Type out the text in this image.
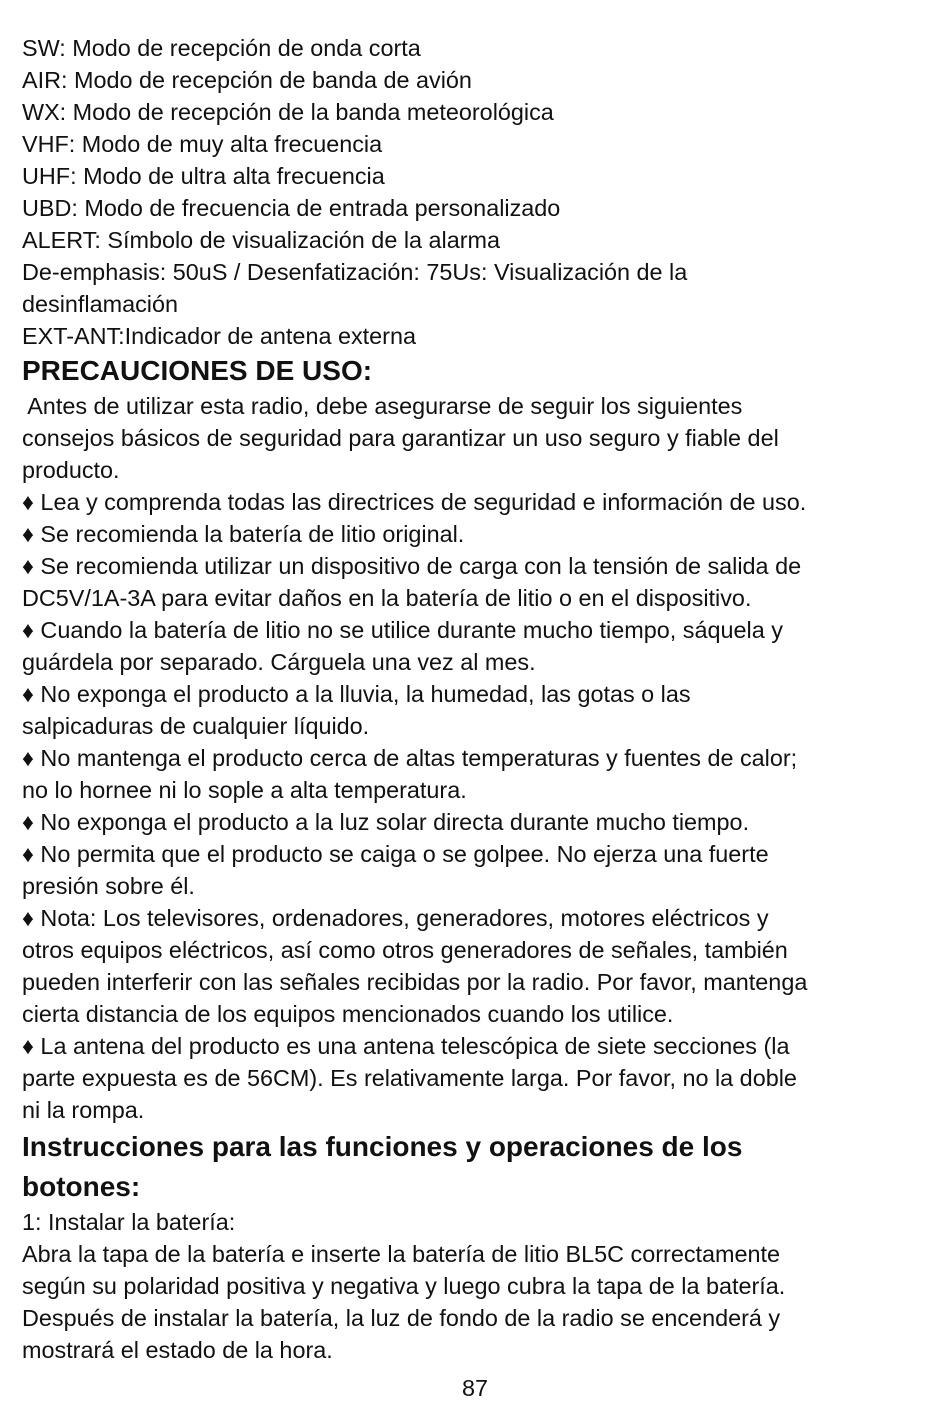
SW: Modo de recepción de onda corta
AIR: Modo de recepción de banda de avión
WX: Modo de recepción de la banda meteorológica
VHF: Modo de muy alta frecuencia
UHF: Modo de ultra alta frecuencia
UBD: Modo de frecuencia de entrada personalizado
ALERT: Símbolo de visualización de la alarma
De-emphasis: 50uS / Desenfatización: 75Us: Visualización de la
desinflamación
EXT-ANT:Indicador de antena externa
PRECAUCIONES DE USO:
Antes de utilizar esta radio, debe asegurarse de seguir los siguientes
consejos básicos de seguridad para garantizar un uso seguro y fiable del
producto.
♦ Lea y comprenda todas las directrices de seguridad e información de uso.
♦ Se recomienda la batería de litio original.
♦ Se recomienda utilizar un dispositivo de carga con la tensión de salida de
DC5V/1A-3A para evitar daños en la batería de litio o en el dispositivo.
♦ Cuando la batería de litio no se utilice durante mucho tiempo, sáquela y
guárdela por separado. Cárguela una vez al mes.
♦ No exponga el producto a la lluvia, la humedad, las gotas o las
salpicaduras de cualquier líquido.
♦ No mantenga el producto cerca de altas temperaturas y fuentes de calor;
no lo hornee ni lo sople a alta temperatura.
♦ No exponga el producto a la luz solar directa durante mucho tiempo.
♦ No permita que el producto se caiga o se golpee. No ejerza una fuerte
presión sobre él.
♦ Nota: Los televisores, ordenadores, generadores, motores eléctricos y
otros equipos eléctricos, así como otros generadores de señales, también
pueden interferir con las señales recibidas por la radio. Por favor, mantenga
cierta distancia de los equipos mencionados cuando los utilice.
♦ La antena del producto es una antena telescópica de siete secciones (la
parte expuesta es de 56CM). Es relativamente larga. Por favor, no la doble
ni la rompa.
Instrucciones para las funciones y operaciones de los
botones:
1: Instalar la batería:
Abra la tapa de la batería e inserte la batería de litio BL5C correctamente
según su polaridad positiva y negativa y luego cubra la tapa de la batería.
Después de instalar la batería, la luz de fondo de la radio se encenderá y
mostrará el estado de la hora.
87
